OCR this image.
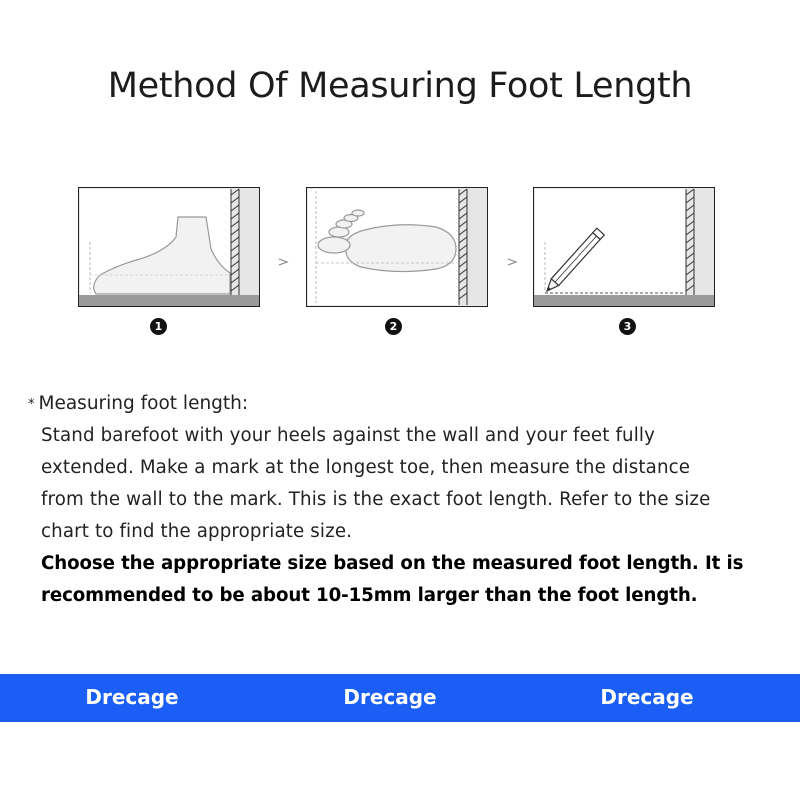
Method Of Measuring Foot Length
1	2	3
* Measuring foot length:
Stand barefoot with your heels against the wall and your feet fully
extended. Make a mark at the longest toe, then measure the distance
from the wall to the mark. This is the exact foot length. Refer to the size
chart to find the appropriate size.
Choose the appropriate size based on the measured foot length. It is
recommended to be about 10-15mm larger than the foot length.
Drecage	Drecage	Drecage
